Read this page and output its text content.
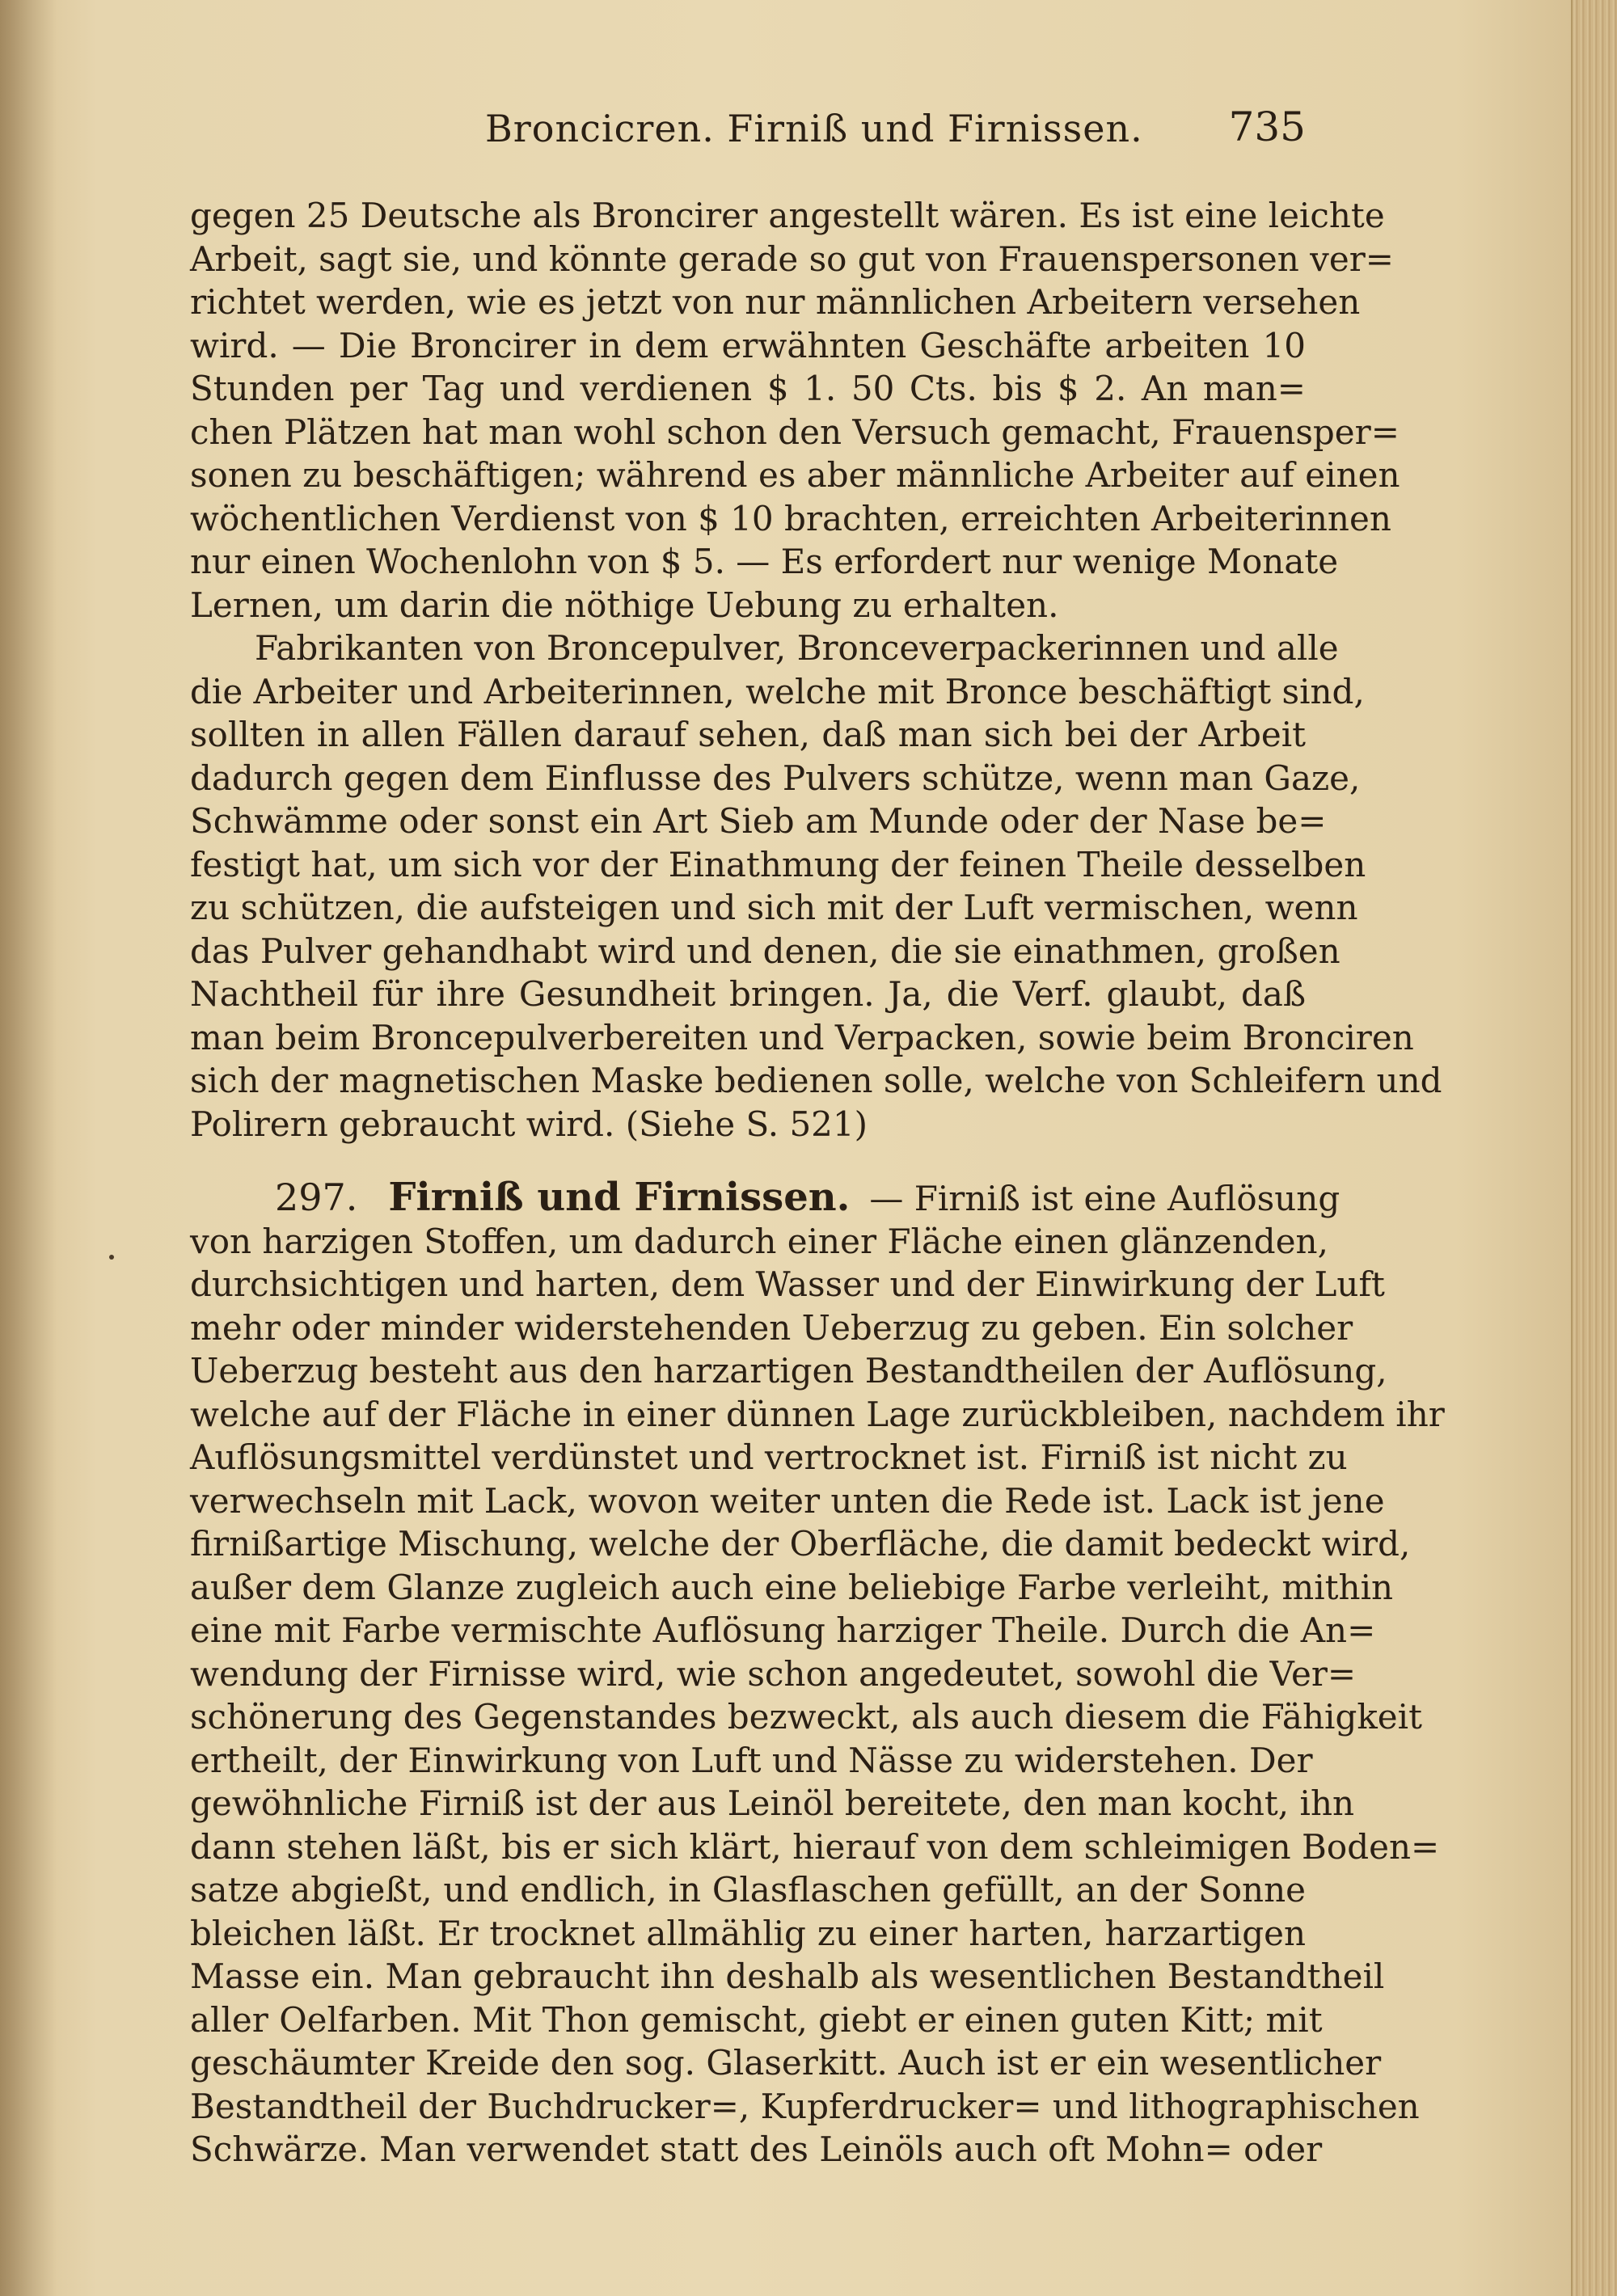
Broncicren. Firniß und Firnissen. 735
gegen 25 Deutsche als Broncirer angestellt wären. Es ist eine leichte
Arbeit, sagt sie, und könnte gerade so gut von Frauenspersonen ver=
richtet werden, wie es jetzt von nur männlichen Arbeitern versehen
wird. — Die Broncirer in dem erwähnten Geschäfte arbeiten 10
Stunden per Tag und verdienen $ 1. 50 Cts. bis $ 2. An man=
chen Plätzen hat man wohl schon den Versuch gemacht, Frauensper=
sonen zu beschäftigen; während es aber männliche Arbeiter auf einen
wöchentlichen Verdienst von $ 10 brachten, erreichten Arbeiterinnen
nur einen Wochenlohn von $ 5. — Es erfordert nur wenige Monate
Lernen, um darin die nöthige Uebung zu erhalten.
Fabrikanten von Broncepulver, Bronceverpackerinnen und alle
die Arbeiter und Arbeiterinnen, welche mit Bronce beschäftigt sind,
sollten in allen Fällen darauf sehen, daß man sich bei der Arbeit
dadurch gegen dem Einflusse des Pulvers schütze, wenn man Gaze,
Schwämme oder sonst ein Art Sieb am Munde oder der Nase be=
festigt hat, um sich vor der Einathmung der feinen Theile desselben
zu schützen, die aufsteigen und sich mit der Luft vermischen, wenn
das Pulver gehandhabt wird und denen, die sie einathmen, großen
Nachtheil für ihre Gesundheit bringen. Ja, die Verf. glaubt, daß
man beim Broncepulverbereiten und Verpacken, sowie beim Bronciren
sich der magnetischen Maske bedienen solle, welche von Schleifern und
Polirern gebraucht wird. (Siehe S. 521)
297. Firniß und Firnissen. — Firniß ist eine Auflösung
von harzigen Stoffen, um dadurch einer Fläche einen glänzenden,
durchsichtigen und harten, dem Wasser und der Einwirkung der Luft
mehr oder minder widerstehenden Ueberzug zu geben. Ein solcher
Ueberzug besteht aus den harzartigen Bestandtheilen der Auflösung,
welche auf der Fläche in einer dünnen Lage zurückbleiben, nachdem ihr
Auflösungsmittel verdünstet und vertrocknet ist. Firniß ist nicht zu
verwechseln mit Lack, wovon weiter unten die Rede ist. Lack ist jene
firnißartige Mischung, welche der Oberfläche, die damit bedeckt wird,
außer dem Glanze zugleich auch eine beliebige Farbe verleiht, mithin
eine mit Farbe vermischte Auflösung harziger Theile. Durch die An=
wendung der Firnisse wird, wie schon angedeutet, sowohl die Ver=
schönerung des Gegenstandes bezweckt, als auch diesem die Fähigkeit
ertheilt, der Einwirkung von Luft und Nässe zu widerstehen. Der
gewöhnliche Firniß ist der aus Leinöl bereitete, den man kocht, ihn
dann stehen läßt, bis er sich klärt, hierauf von dem schleimigen Boden=
satze abgießt, und endlich, in Glasflaschen gefüllt, an der Sonne
bleichen läßt. Er trocknet allmählig zu einer harten, harzartigen
Masse ein. Man gebraucht ihn deshalb als wesentlichen Bestandtheil
aller Oelfarben. Mit Thon gemischt, giebt er einen guten Kitt; mit
geschäumter Kreide den sog. Glaserkitt. Auch ist er ein wesentlicher
Bestandtheil der Buchdrucker=, Kupferdrucker= und lithographischen
Schwärze. Man verwendet statt des Leinöls auch oft Mohn= oder
